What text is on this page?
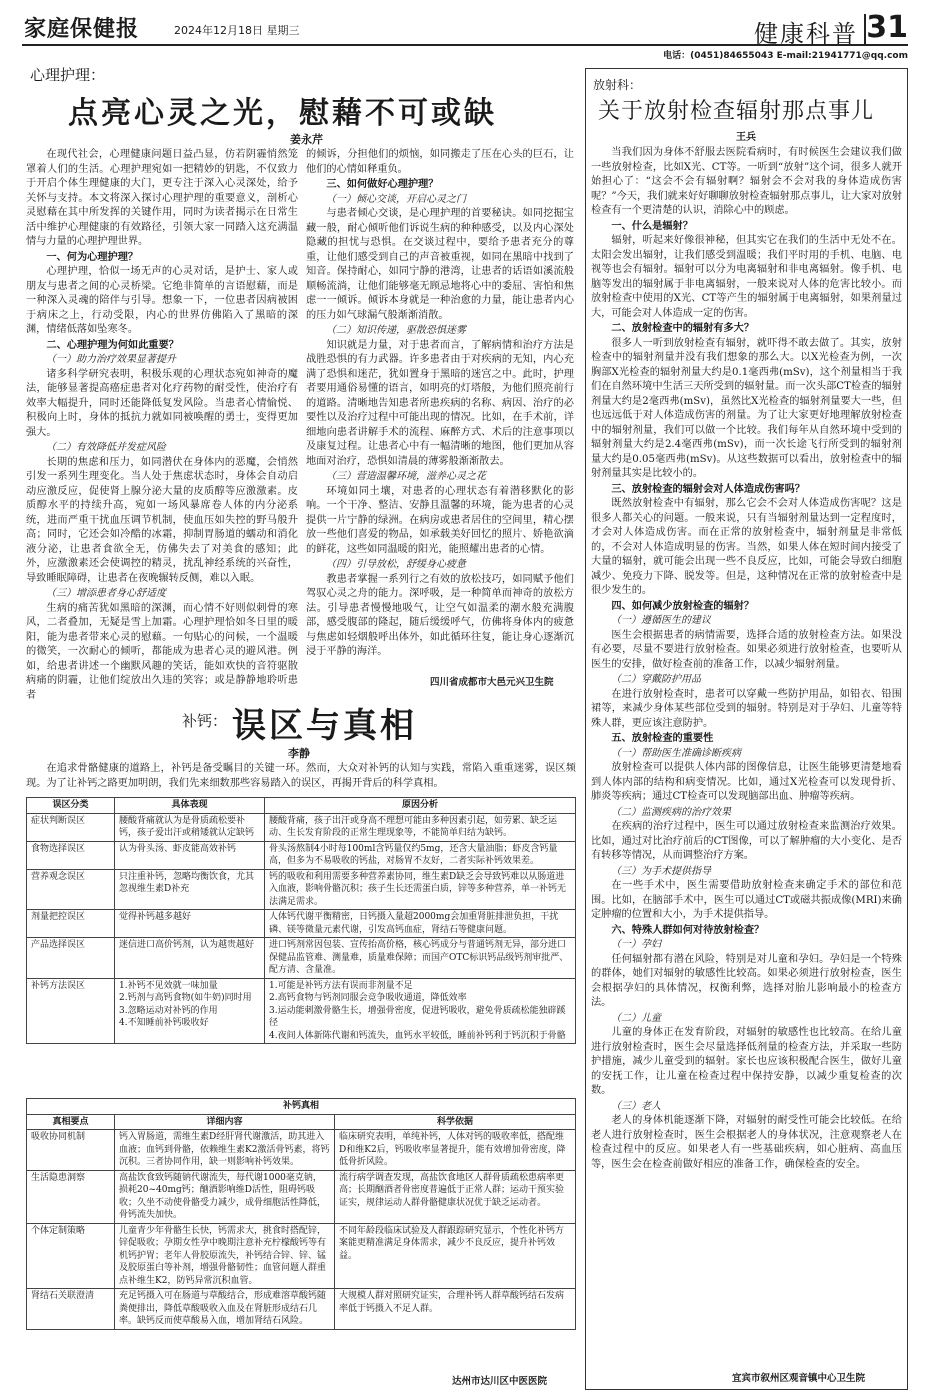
家庭保健报	2024年12月18日 星期三	健康科普 31
电话：(0451)84655043 E-mail:21941771@qq.com
心理护理：
点亮心灵之光，慰藉不可或缺
姜永芹

在现代社会，心理健康问题日益凸显，仿若阴霾悄然笼罩着人们的生活。心理护理宛如一把精妙的钥匙，不仅致力于开启个体生理健康的大门，更专注于深入心灵深处，给予关怀与支持。本文将深入探讨心理护理的重要意义，剖析心灵慰藉在其中所发挥的关键作用，同时为读者揭示在日常生活中维护心理健康的有效路径，引领大家一同踏入这充满温情与力量的心理护理世界。

一、何为心理护理？

心理护理，恰似一场无声的心灵对话，是护士、家人或朋友与患者之间的心灵桥梁。它绝非简单的言语慰藉，而是一种深入灵魂的陪伴与引导。想象一下，一位患者因病被困于病床之上，行动受限，内心的世界仿佛陷入了黑暗的深渊，情绪低落如坠寒冬。

二、心理护理为何如此重要？
（一）助力治疗效果显著提升

诸多科学研究表明，积极乐观的心理状态宛如神奇的魔法，能够显著提高癌症患者对化疗药物的耐受性，使治疗有效率大幅提升，同时还能降低复发风险。当患者心情愉悦、积极向上时，身体的抵抗力就如同被唤醒的勇士，变得更加强大。

（二）有效降低并发症风险

长期的焦虑和压力，如同潜伏在身体内的恶魔，会悄然引发一系列生理变化。当人处于焦虑状态时，身体会自动启动应激反应，促使肾上腺分泌大量的皮质醇等应激激素。皮质醇水平的持续升高，宛如一场风暴席卷人体的内分泌系统，进而严重干扰血压调节机制，使血压如失控的野马般升高；同时，它还会如冷酷的冰霜，抑制胃肠道的蠕动和消化液分泌，让患者食欲全无，仿佛失去了对美食的感知；此外，应激激素还会使调控的精灵，扰乱神经系统的兴奋性，导致睡眠障碍，让患者在夜晚辗转反侧，难以入眠。

（三）增添患者身心舒适度

生病的痛苦犹如黑暗的深渊，而心情不好则似刺骨的寒风，二者叠加，无疑是雪上加霜。心理护理恰如冬日里的暖阳，能为患者带来心灵的慰藉。一句贴心的问候，一个温暖的微笑，一次耐心的倾听，都能成为患者心灵的避风港。例如，给患者讲述一个幽默风趣的笑话，能如欢快的音符驱散病痛的阴霾，让他们绽放出久违的笑容；或是静静地聆听患者

的倾诉，分担他们的烦恼，如同搬走了压在心头的巨石，让他们的心情如释重负。

三、如何做好心理护理？
（一）倾心交谈，开启心灵之门

与患者倾心交谈，是心理护理的首要秘诀。如同挖掘宝藏一般，耐心倾听他们诉说生病的种种感受，以及内心深处隐藏的担忧与恐惧。在交谈过程中，要给予患者充分的尊重，让他们感受到自己的声音被重视，如同在黑暗中找到了知音。保持耐心，如同宁静的港湾，让患者的话语如溪流般顺畅流淌，让他们能够毫无顾忌地将心中的委屈、害怕和焦虑一一倾诉。倾诉本身就是一种治愈的力量，能让患者内心的压力如气球漏气般渐渐消散。

（二）知识传递，驱散恐惧迷雾

知识就是力量，对于患者而言，了解病情和治疗方法是战胜恐惧的有力武器。许多患者由于对疾病的无知，内心充满了恐惧和迷茫，犹如置身于黑暗的迷宫之中。此时，护理者要用通俗易懂的语言，如明亮的灯塔般，为他们照亮前行的道路。清晰地告知患者所患疾病的名称、病因、治疗的必要性以及治疗过程中可能出现的情况。比如，在手术前，详细地向患者讲解手术的流程、麻醉方式、术后的注意事项以及康复过程。让患者心中有一幅清晰的地图，他们更加从容地面对治疗，恐惧如清晨的薄雾般渐渐散去。

（三）营造温馨环境，滋养心灵之花

环境如同土壤，对患者的心理状态有着潜移默化的影响。一个干净、整洁、安静且温馨的环境，能为患者的心灵提供一片宁静的绿洲。在病房或患者居住的空间里，精心摆放一些他们喜爱的物品，如承载美好回忆的照片、娇艳欲滴的鲜花，这些如同温暖的阳光，能照耀出患者的心情。

（四）引导放松，舒缓身心疲惫

教患者掌握一系列行之有效的放松技巧，如同赋予他们驾驭心灵之舟的能力。深呼吸，是一种简单而神奇的放松方法。引导患者慢慢地吸气，让空气如温柔的潮水般充满腹部，感受腹部的隆起，随后缓缓呼气，仿佛将身体内的疲惫与焦虑如轻烟般呼出体外，如此循环往复，能让身心逐渐沉浸于平静的海洋。

四川省成都市大邑元兴卫生院
补钙： 误区与真相
李静

在追求骨骼健康的道路上，补钙是备受瞩目的关键一环。然而，大众对补钙的认知与实践，常陷入重重迷雾，误区频现。为了让补钙之路更加明朗，我们先来细数那些容易踏入的误区，再揭开背后的科学真相。

误区分类	具体表现	原因分析
症状判断误区	腰酸背痛就认为是骨质疏松要补钙，孩子爱出汗或稍矮就认定缺钙	腰酸背痛，孩子出汗或身高不理想可能由多种因素引起，如劳累、缺乏运动、生长发育阶段的正常生理现象等，不能简单归结为缺钙。
食物选择误区	认为骨头汤、虾皮能高效补钙	骨头汤熬制4小时每100ml含钙量仅约5mg，还含大量油脂；虾皮含钙量高，但多为不易吸收的钙盐，对肠胃不友好，二者实际补钙效果差。
营养观念误区	只注重补钙，忽略均衡饮食，尤其忽视维生素D补充	钙的吸收和利用需要多种营养素协同，维生素D缺乏会导致钙难以从肠道进入血液，影响骨骼沉积；孩子生长还需蛋白质，锌等多种营养，单一补钙无法满足需求。
剂量把控误区	觉得补钙越多越好	人体钙代谢平衡精密，日钙摄入量超2000mg会加重肾脏排泄负担，干扰磷、镁等微量元素代谢，引发高钙血症，肾结石等健康问题。
产品选择误区	迷信进口高价钙剂，认为越贵越好	进口钙剂常因包装、宣传抬高价格，核心钙成分与普通钙剂无异，部分进口保健品监管难、测量难，质量难保障；而国产OTC标识钙品级钙剂审批严、配方清、含量准。
补钙方法误区	1.补钙不见效就一味加量
2.钙剂与高钙食物(如牛奶)同时用
3.忽略运动对补钙的作用
4.不知睡前补钙吸收好	1.可能是补钙方法有误而非剂量不足
2.高钙食物与钙剂同服会竞争吸收通道，降低效率
3.运动能刺激骨骼生长，增强骨密度，促进钙吸收，避免骨质疏松能独辟蹊径
4.夜间人体新陈代谢和钙流失，血钙水平较低，睡前补钙利于钙沉积于骨骼
补钙真相		
真相要点	详细内容	科学依据
吸收协同机制	钙入胃肠道，需维生素D经肝肾代谢激活，助其进入血液；血钙到骨骼，依赖维生素K2激活骨钙素，将钙沉积。三者协同作用，缺一则影响补钙效果。	临床研究表明，单纯补钙，人体对钙的吸收率低，搭配维D和维K2后，钙吸收率显著提升，能有效增加骨密度，降低骨折风险。
生活隐患洞察	高盐饮食致钙随钠代谢流失，每代谢1000毫克钠，损耗20~40mg钙；酗酒影响维D活性，阻碍钙吸收；久坐不动使骨骼受力减少，成骨细胞活性降低，骨钙流失加快。	流行病学调查发现，高盐饮食地区人群骨质疏松患病率更高；长期酗酒者骨密度普遍低于正常人群；运动干预实验证实，规律运动人群骨骼健康状况优于缺乏运动者。
个体定制策略	儿童青少年骨骼生长快，钙需求大，挑食时搭配锌，锌促吸收；孕期女性孕中晚期注意补充柠檬酸钙等有机钙护胃；老年人骨胶原流失，补钙结合锌、锌、锰及胶原蛋白等补剂，增强骨骼韧性；血管问题人群重点补维生K2，防钙异常沉积血管。	不同年龄段临床试验及人群跟踪研究显示，个性化补钙方案能更精准满足身体需求，减少不良反应，提升补钙效益。
肾结石关联澄清	充足钙摄入可在肠道与草酸结合，形成难溶草酸钙随粪便排出，降低草酸吸收入血及在肾脏形成结石几率。缺钙反而使草酸易入血，增加肾结石风险。	大规模人群对照研究证实，合理补钙人群草酸钙结石发病率低于钙摄入不足人群。
达州市达川区中医医院
放射科：
关于放射检查辐射那点事儿
王兵

当我们因为身体不舒服去医院看病时，有时候医生会建议我们做一些放射检查，比如X光、CT等。一听到“放射”这个词，很多人就开始担心了：“这会不会有辐射啊？辐射会不会对我的身体造成伤害呢？”今天，我们就来好好聊聊放射检查辐射那点事儿，让大家对放射检查有一个更清楚的认识，消除心中的顾虑。

一、什么是辐射？

辐射，听起来好像很神秘，但其实它在我们的生活中无处不在。太阳会发出辐射，让我们感受到温暖；我们平时用的手机、电脑、电视等也会有辐射。辐射可以分为电离辐射和非电离辐射。像手机、电脑等发出的辐射属于非电离辐射，一般来说对人体的危害比较小。而放射检查中使用的X光、CT等产生的辐射属于电离辐射，如果剂量过大，可能会对人体造成一定的伤害。

二、放射检查中的辐射有多大？

很多人一听到放射检查有辐射，就吓得不敢去做了。其实，放射检查中的辐射剂量并没有我们想象的那么大。以X光检查为例，一次胸部X光检查的辐射剂量大约是0.1毫西弗(mSv)，这个剂量相当于我们在自然环境中生活三天所受到的辐射量。而一次头部CT检查的辐射剂量大约是2毫西弗(mSv)，虽然比X光检查的辐射剂量要大一些，但也远远低于对人体造成伤害的剂量。为了让大家更好地理解放射检查中的辐射剂量，我们可以做一个比较。我们每年从自然环境中受到的辐射剂量大约是2.4毫西弗(mSv)，而一次长途飞行所受到的辐射剂量大约是0.05毫西弗(mSv)。从这些数据可以看出，放射检查中的辐射剂量其实是比较小的。

三、放射检查的辐射会对人体造成伤害吗？

既然放射检查中有辐射，那么它会不会对人体造成伤害呢？这是很多人都关心的问题。一般来说，只有当辐射剂量达到一定程度时，才会对人体造成伤害。而在正常的放射检查中，辐射剂量是非常低的，不会对人体造成明显的伤害。当然，如果人体在短时间内接受了大量的辐射，就可能会出现一些不良反应，比如，可能会导致白细胞减少、免疫力下降、脱发等。但是，这种情况在正常的放射检查中是很少发生的。

四、如何减少放射检查的辐射？
（一）遵循医生的建议

医生会根据患者的病情需要，选择合适的放射检查方法。如果没有必要，尽量不要进行放射检查。如果必须进行放射检查，也要听从医生的安排，做好检查前的准备工作，以减少辐射剂量。

（二）穿戴防护用品

在进行放射检查时，患者可以穿戴一些防护用品，如铅衣、铅围裙等，来减少身体某些部位受到的辐射。特别是对于孕妇、儿童等特殊人群，更应该注意防护。

五、放射检查的重要性
（一）帮助医生准确诊断疾病

放射检查可以提供人体内部的图像信息，让医生能够更清楚地看到人体内部的结构和病变情况。比如，通过X光检查可以发现骨折、肺炎等疾病；通过CT检查可以发现脑部出血、肿瘤等疾病。

（二）监测疾病的治疗效果

在疾病的治疗过程中，医生可以通过放射检查来监测治疗效果。比如，通过对比治疗前后的CT图像，可以了解肿瘤的大小变化、是否有转移等情况，从而调整治疗方案。

（三）为手术提供指导

在一些手术中，医生需要借助放射检查来确定手术的部位和范围。比如，在脑部手术中，医生可以通过CT或磁共振成像(MRI)来确定肿瘤的位置和大小，为手术提供指导。

六、特殊人群如何对待放射检查？
（一）孕妇

任何辐射都有潜在风险，特别是对儿童和孕妇。孕妇是一个特殊的群体，她们对辐射的敏感性比较高。如果必须进行放射检查，医生会根据孕妇的具体情况，权衡利弊，选择对胎儿影响最小的检查方法。

（二）儿童

儿童的身体正在发育阶段，对辐射的敏感性也比较高。在给儿童进行放射检查时，医生会尽量选择低剂量的检查方法，并采取一些防护措施，减少儿童受到的辐射。家长也应该积极配合医生，做好儿童的安抚工作，让儿童在检查过程中保持安静，以减少重复检查的次数。

（三）老人

老人的身体机能逐渐下降，对辐射的耐受性可能会比较低。在给老人进行放射检查时，医生会根据老人的身体状况，注意观察老人在检查过程中的反应。如果老人有一些基础疾病，如心脏病、高血压等，医生会在检查前做好相应的准备工作，确保检查的安全。

宜宾市叙州区观音镇中心卫生院
